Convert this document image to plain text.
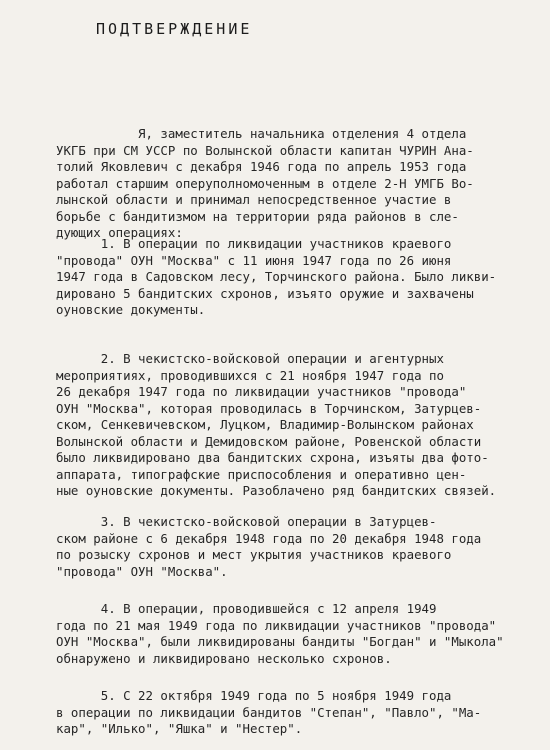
ПОДТВЕРЖДЕНИЕ
Я, заместитель начальника отделения 4 отдела
УКГБ при СМ УССР по Волынской области капитан ЧУРИН Ана-
толий Яковлевич с декабря 1946 года по апрель 1953 года
работал старшим оперуполномоченным в отделе 2-Н УМГБ Во-
лынской области и принимал непосредственное участие в
борьбе с бандитизмом на территории ряда районов в сле-
дующих операциях:
1. В операции по ликвидации участников краевого
"провода" ОУН "Москва" с 11 июня 1947 года по 26 июня
1947 года в Садовском лесу, Торчинского района. Было ликви-
дировано 5 бандитских схронов, изъято оружие и захвачены
оуновские документы.
2. В чекистско-войсковой операции и агентурных
мероприятиях, проводившихся с 21 ноября 1947 года по
26 декабря 1947 года по ликвидации участников "провода"
ОУН "Москва", которая проводилась в Торчинском, Затурцев-
ском, Сенкевичевском, Луцком, Владимир-Волынском районах
Волынской области и Демидовском районе, Ровенской области
было ликвидировано два бандитских схрона, изъяты два фото-
аппарата, типографские приспособления и оперативно цен-
ные оуновские документы. Разоблачено ряд бандитских связей.
3. В чекистско-войсковой операции в Затурцев-
ском районе с 6 декабря 1948 года по 20 декабря 1948 года
по розыску схронов и мест укрытия участников краевого
"провода" ОУН "Москва".
4. В операции, проводившейся с 12 апреля 1949
года по 21 мая 1949 года по ликвидации участников "провода"
ОУН "Москва", были ликвидированы бандиты "Богдан" и "Мыкола"
обнаружено и ликвидировано несколько схронов.
5. С 22 октября 1949 года по 5 ноября 1949 года
в операции по ликвидации бандитов "Степан", "Павло", "Ма-
кар", "Илько", "Яшка" и "Нестер".
